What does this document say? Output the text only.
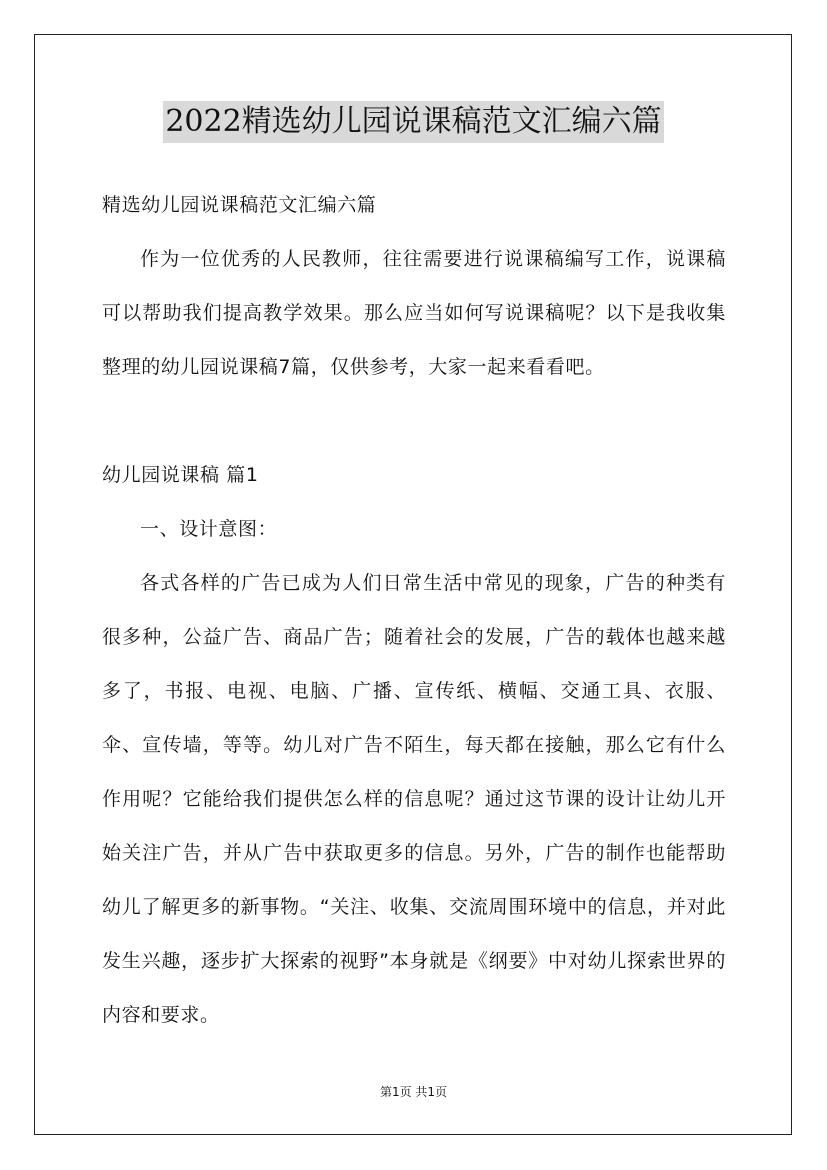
2022精选幼儿园说课稿范文汇编六篇

精选幼儿园说课稿范文汇编六篇

作为一位优秀的人民教师，往往需要进行说课稿编写工作，说课稿可以帮助我们提高教学效果。那么应当如何写说课稿呢？以下是我收集整理的幼儿园说课稿7篇，仅供参考，大家一起来看看吧。

幼儿园说课稿 篇1

一、设计意图：

各式各样的广告已成为人们日常生活中常见的现象，广告的种类有很多种，公益广告、商品广告；随着社会的发展，广告的载体也越来越多了，书报、电视、电脑、广播、宣传纸、横幅、交通工具、衣服、伞、宣传墙，等等。幼儿对广告不陌生，每天都在接触，那么它有什么作用呢？它能给我们提供怎么样的信息呢？通过这节课的设计让幼儿开始关注广告，并从广告中获取更多的信息。另外，广告的制作也能帮助幼儿了解更多的新事物。“关注、收集、交流周围环境中的信息，并对此发生兴趣，逐步扩大探索的视野”本身就是《纲要》中对幼儿探索世界的内容和要求。

第1页 共1页
